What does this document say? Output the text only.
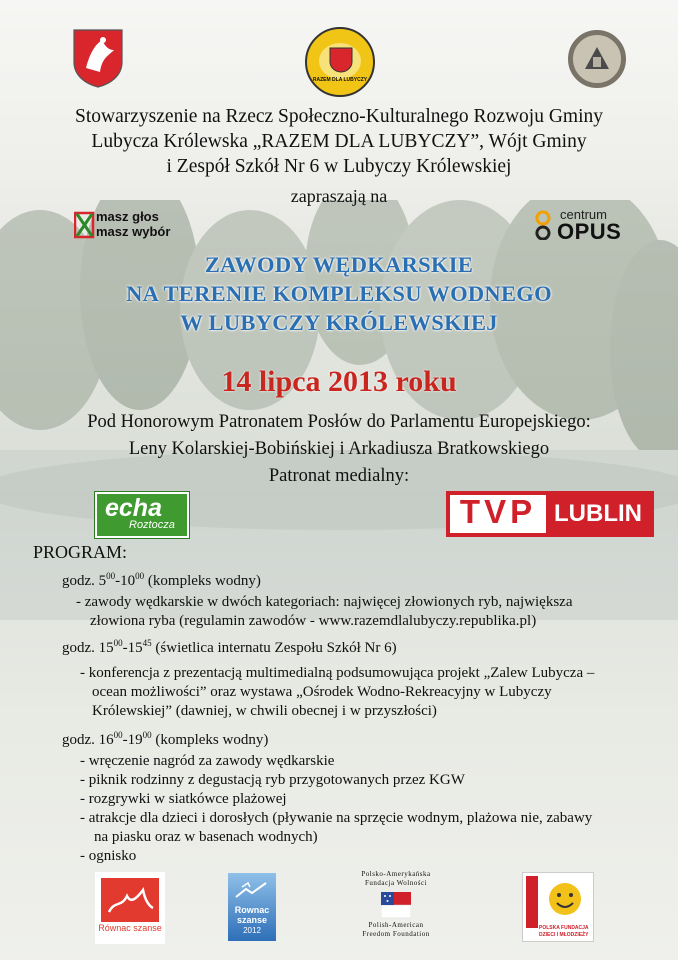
RAZEM DLA LUBYCZY
Stowarzyszenie na Rzecz Społeczno-Kulturalnego Rozwoju Gminy
Lubycza Królewska „RAZEM DLA LUBYCZY”, Wójt Gminy
i Zespół Szkół Nr 6 w Lubyczy Królewskiej
zapraszają na
masz głos
masz wybór
centrum
OPUS
ZAWODY WĘDKARSKIE
NA TERENIE KOMPLEKSU WODNEGO
W LUBYCZY KRÓLEWSKIEJ
14 lipca 2013 roku
Pod Honorowym Patronatem Posłów do Parlamentu Europejskiego:
Leny Kolarskiej-Bobińskiej i Arkadiusza Bratkowskiego
Patronat medialny:
echa
Roztocza	TVP LUBLIN
PROGRAM:
godz. $5^{00}-10^{00}$ (kompleks wodny)
- zawody wędkarskie w dwóch kategoriach: najwięcej złowionych ryb, największa
złowiona ryba (regulamin zawodów - www.razemdlalubyczy.republika.pl)
godz. $15^{00}-15^{45}$ (świetlica internatu Zespołu Szkół Nr 6)
- konferencja z prezentacją multimedialną podsumowująca projekt „Zalew Lubycza –
ocean możliwości” oraz wystawa „Ośrodek Wodno-Rekreacyjny w Lubyczy
Królewskiej” (dawniej, w chwili obecnej i w przyszłości)
godz. $16^{00}-19^{00}$ (kompleks wodny)
- wręczenie nagród za zawody wędkarskie
- piknik rodzinny z degustacją ryb przygotowanych przez KGW
- rozgrywki w siatkówce plażowej
- atrakcje dla dzieci i dorosłych (pływanie na sprzęcie wodnym, plażowa nie, zabawy
na piasku oraz w basenach wodnych)
- ognisko
Równac szanse
Rownac
szanse
2012
Polsko-Amerykańska
Fundacja Wolności
Polish-American
Freedom Foundation
POLSKA FUNDACJA
DZIECI I MŁODZIEŻY
